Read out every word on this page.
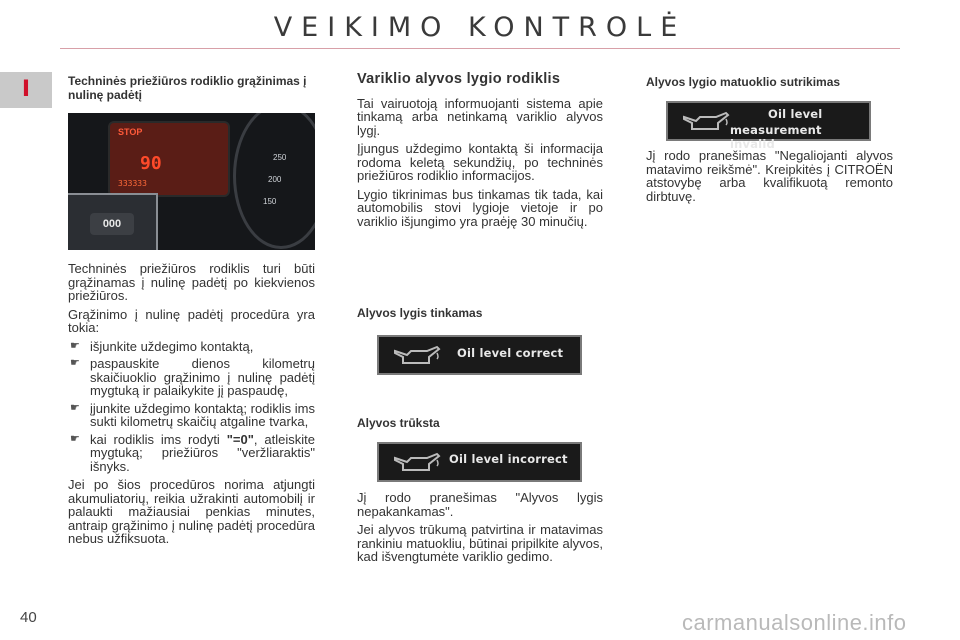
VEIKIMO KONTROLĖ
I	Techninės priežiūros rodiklio grąžinimas į nulinę padėtį
STOP
90
333333
250
200
150
000

Techninės priežiūros rodiklis turi būti grąžinamas į nulinę padėtį po kiekvienos priežiūros.

Grąžinimo į nulinę padėtį procedūra yra tokia:

☛ išjunkite uždegimo kontaktą,
☛ paspauskite dienos kilometrų skaičiuoklio grąžinimo į nulinę padėtį mygtuką ir palaikykite jį paspaudę,
☛ įjunkite uždegimo kontaktą; rodiklis ims sukti kilometrų skaičių atgaline tvarka,
☛ kai rodiklis ims rodyti "=0", atleiskite mygtuką; priežiūros "veržliaraktis" išnyks.

Jei po šios procedūros norima atjungti akumuliatorių, reikia užrakinti automobilį ir palaukti mažiausiai penkias minutes, antraip grąžinimo į nulinę padėtį procedūra nebus užfiksuota.

Variklio alyvos lygio rodiklis

Tai vairuotoją informuojanti sistema apie tinkamą arba netinkamą variklio alyvos lygį.

Įjungus uždegimo kontaktą ši informacija rodoma keletą sekundžių, po techninės priežiūros rodiklio informacijos.

Lygio tikrinimas bus tinkamas tik tada, kai automobilis stovi lygioje vietoje ir po variklio išjungimo yra praėję 30 minučių.

Alyvos lygis tinkamas
Oil level correct
Alyvos trūksta
Oil level incorrect

Jį rodo pranešimas "Alyvos lygis nepakankamas".

Jei alyvos trūkumą patvirtina ir matavimas rankiniu matuokliu, būtinai pripilkite alyvos, kad išvengtumėte variklio gedimo.

Alyvos lygio matuoklio sutrikimas
Oil level
measurement invalid

Jį rodo pranešimas "Negaliojanti alyvos matavimo reikšmė". Kreipkitės į CITROËN atstovybę arba kvalifikuotą remonto dirbtuvę.

40	carmanualsonline.info
